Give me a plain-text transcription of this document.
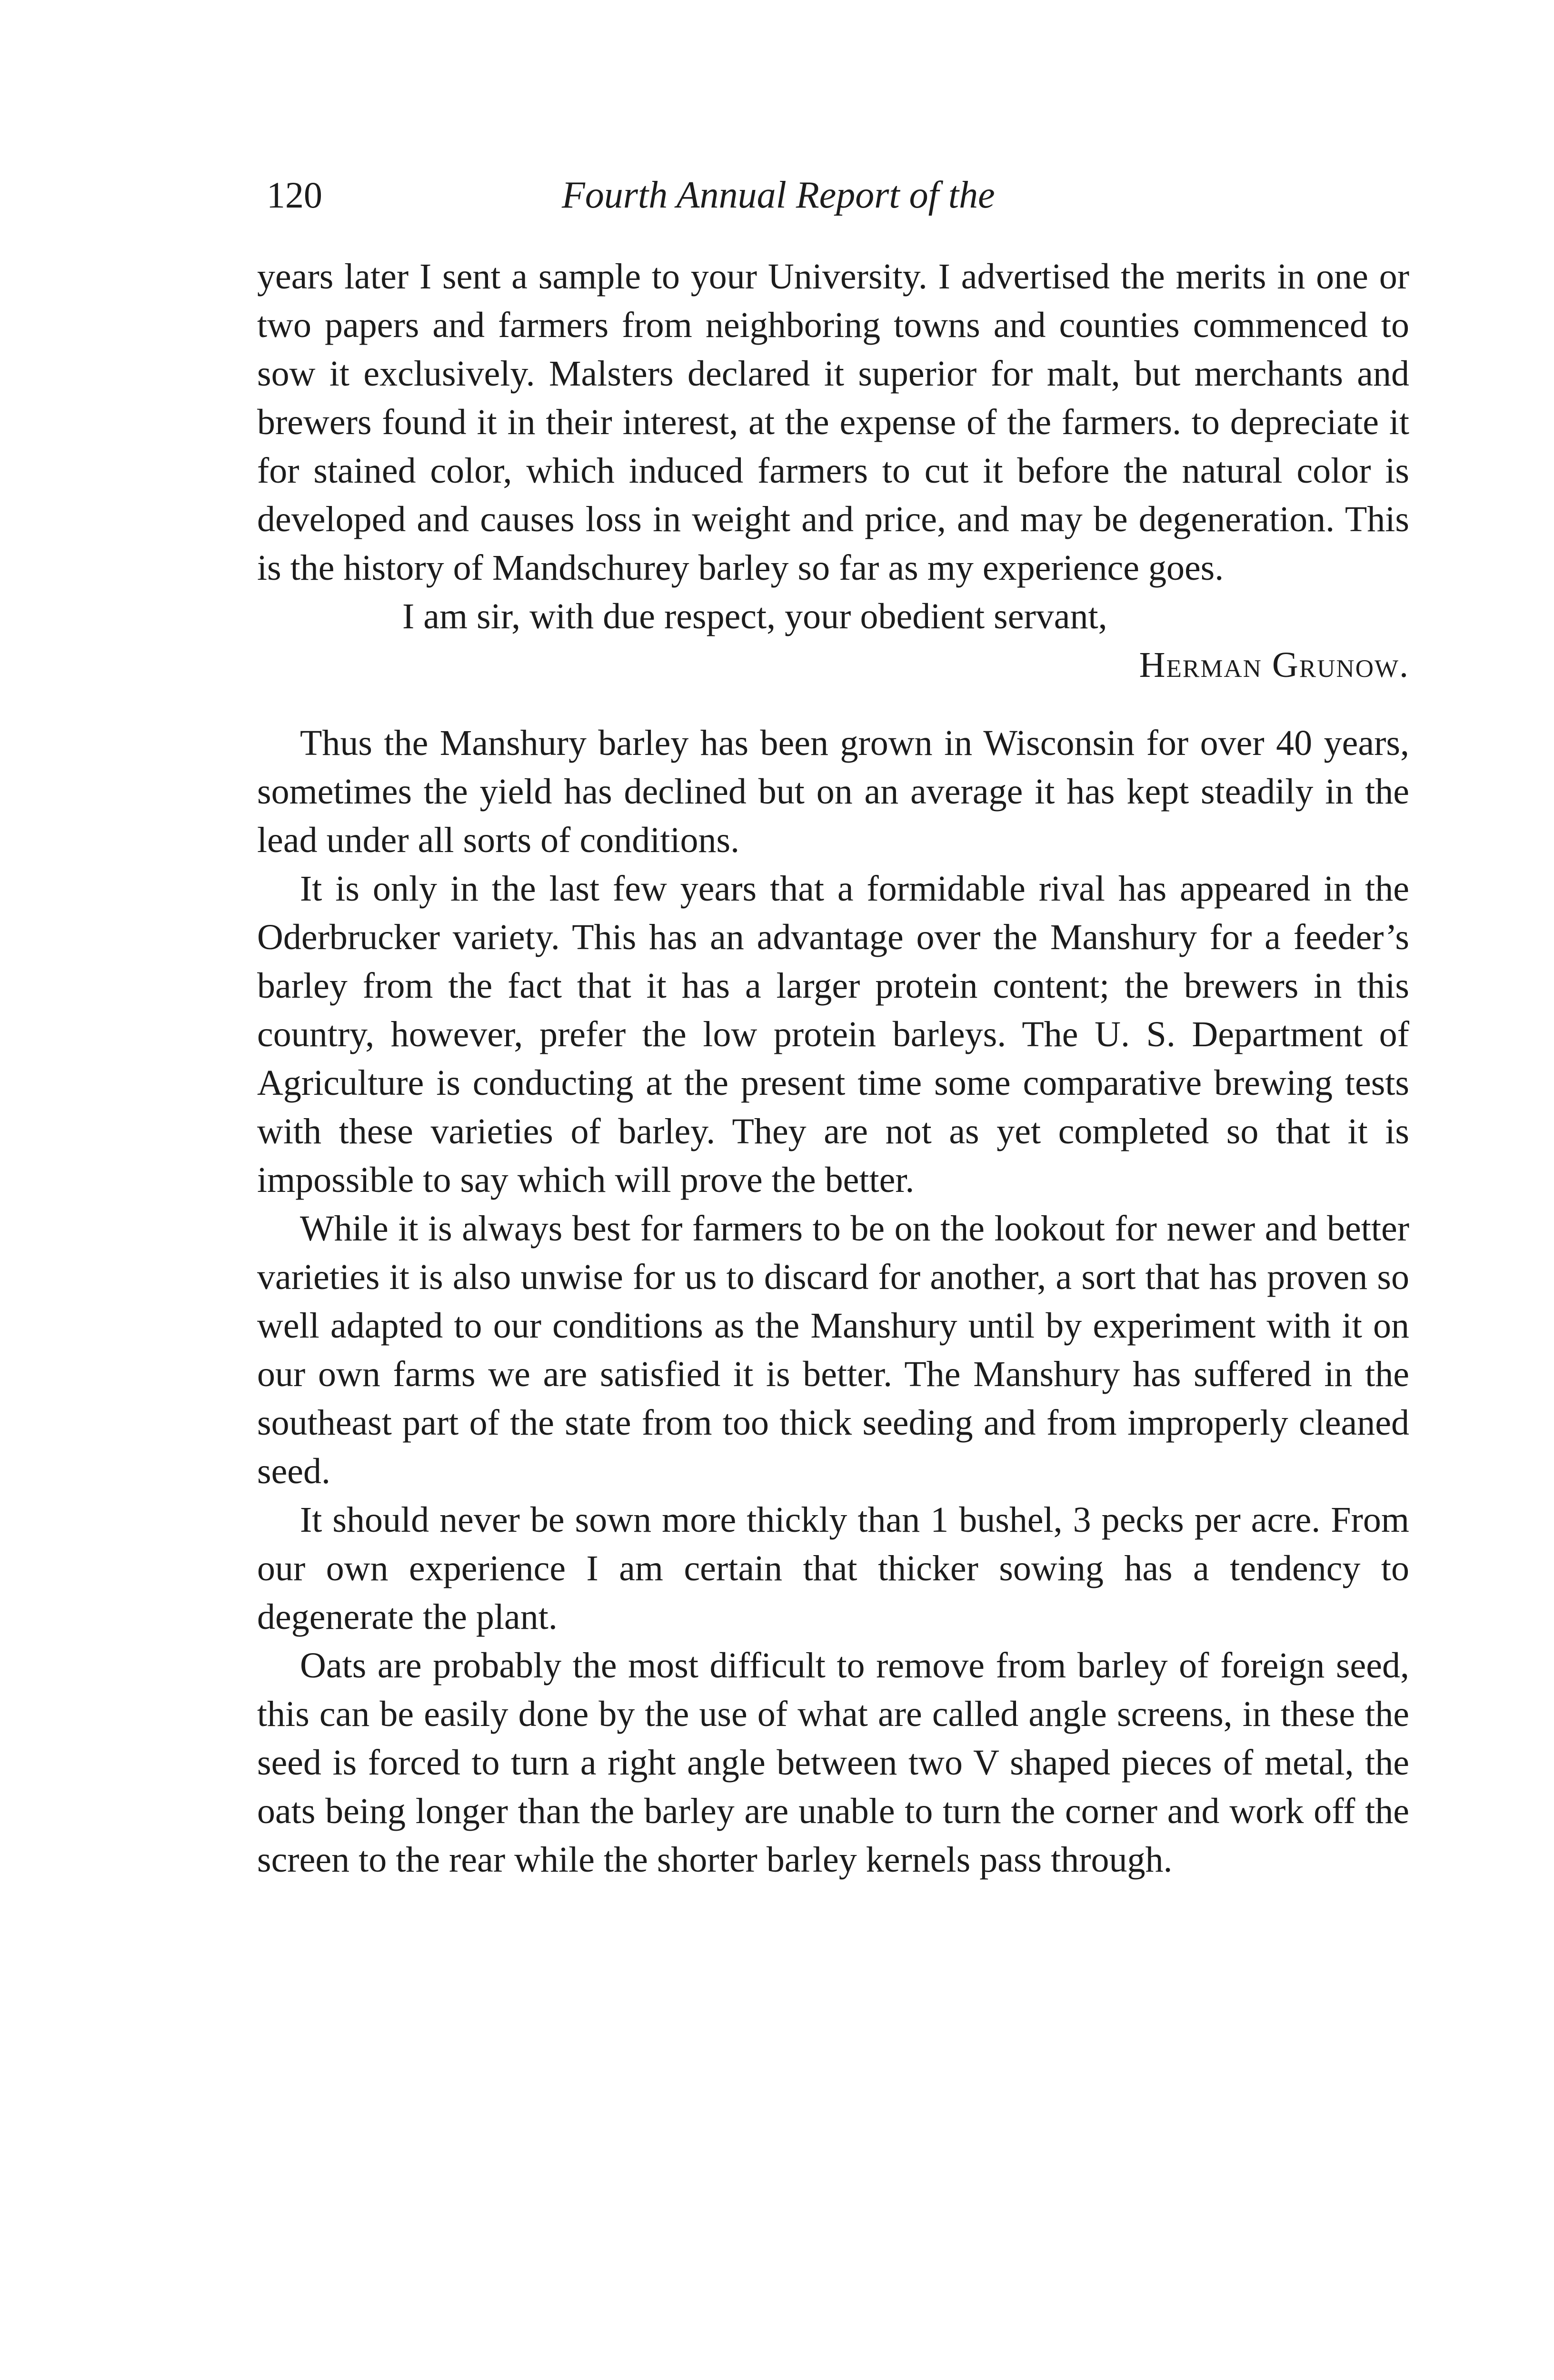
120	Fourth Annual Report of the

years later I sent a sample to your University. I advertised the merits in one or two papers and farmers from neighboring towns and counties commenced to sow it exclusively. Malsters declared it superior for malt, but merchants and brewers found it in their interest, at the expense of the farmers. to depreciate it for stained color, which induced farmers to cut it before the natural color is developed and causes loss in weight and price, and may be degeneration. This is the history of Mandschurey barley so far as my experience goes.

I am sir, with due respect, your obedient servant,

Herman Grunow.

Thus the Manshury barley has been grown in Wisconsin for over 40 years, sometimes the yield has declined but on an average it has kept steadily in the lead under all sorts of conditions.

It is only in the last few years that a formidable rival has appeared in the Oderbrucker variety. This has an advantage over the Manshury for a feeder’s barley from the fact that it has a larger protein content; the brewers in this country, however, prefer the low protein barleys. The U. S. Department of Agriculture is conducting at the present time some comparative brewing tests with these varieties of barley. They are not as yet completed so that it is impossible to say which will prove the better.

While it is always best for farmers to be on the lookout for newer and better varieties it is also unwise for us to discard for another, a sort that has proven so well adapted to our conditions as the Manshury until by experiment with it on our own farms we are satisfied it is better. The Manshury has suffered in the southeast part of the state from too thick seeding and from improperly cleaned seed.

It should never be sown more thickly than 1 bushel, 3 pecks per acre. From our own experience I am certain that thicker sowing has a tendency to degenerate the plant.

Oats are probably the most difficult to remove from barley of foreign seed, this can be easily done by the use of what are called angle screens, in these the seed is forced to turn a right angle between two V shaped pieces of metal, the oats being longer than the barley are unable to turn the corner and work off the screen to the rear while the shorter barley kernels pass through.
